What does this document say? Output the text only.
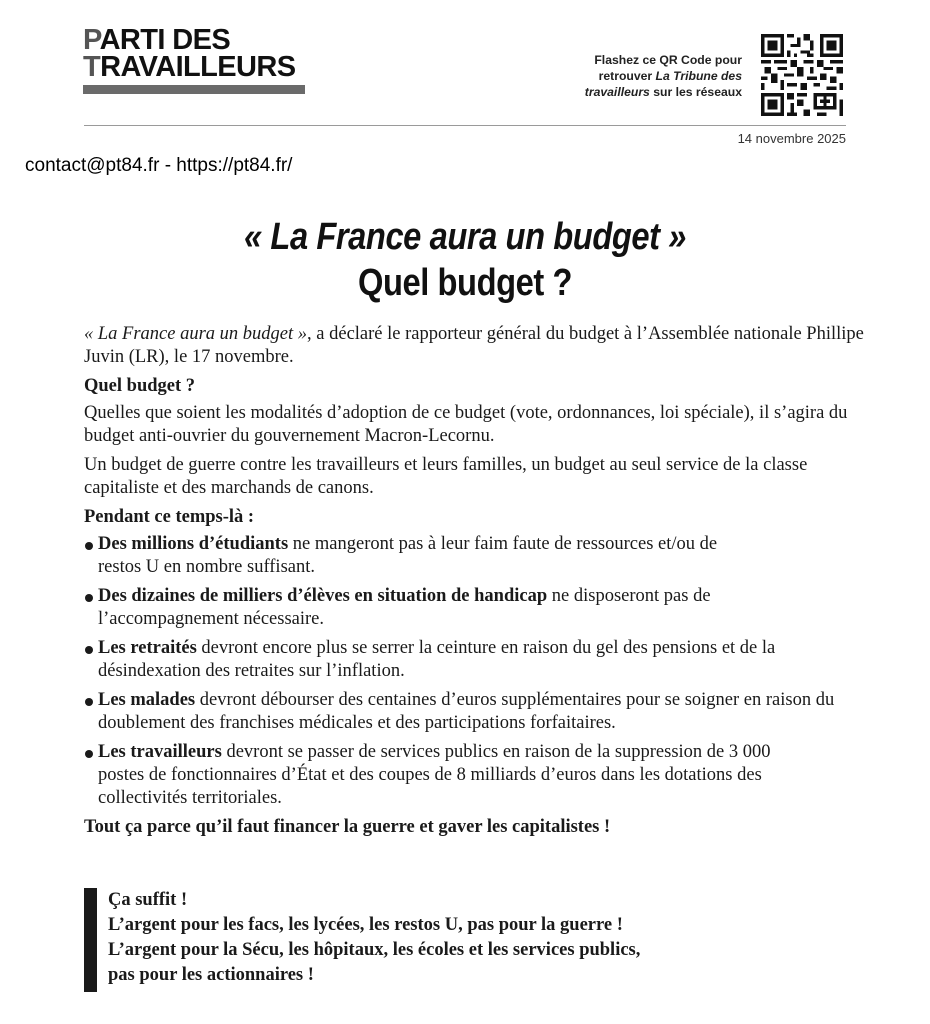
PARTI DES
TRAVAILLEURS	Flashez ce QR Code pour
retrouver La Tribune des
travailleurs sur les réseaux
14 novembre 2025
contact@pt84.fr - https://pt84.fr/
« La France aura un budget »
Quel budget ?

« La France aura un budget », a déclaré le rapporteur général du budget à l’Assemblée nationale Phillipe Juvin (LR), le 17 novembre.

Quel budget ?

Quelles que soient les modalités d’adoption de ce budget (vote, ordonnances, loi spéciale), il s’agira du budget anti-ouvrier du gouvernement Macron-Lecornu.

Un budget de guerre contre les travailleurs et leurs familles, un budget au seul service de la classe capitaliste et des marchands de canons.

Pendant ce temps-là :

Des millions d’étudiants ne mangeront pas à leur faim faute de ressources et/ou de restos U en nombre suffisant.
Des dizaines de milliers d’élèves en situation de handicap ne disposeront pas de l’accompagnement nécessaire.
Les retraités devront encore plus se serrer la ceinture en raison du gel des pensions et de la désindexation des retraites sur l’inflation.
Les malades devront débourser des centaines d’euros supplémentaires pour se soigner en raison du doublement des franchises médicales et des participations forfaitaires.
Les travailleurs devront se passer de services publics en raison de la suppression de 3 000 postes de fonctionnaires d’État et des coupes de 8 milliards d’euros dans les dotations des collectivités territoriales.

Tout ça parce qu’il faut financer la guerre et gaver les capitalistes !

Ça suffit !
L’argent pour les facs, les lycées, les restos U, pas pour la guerre !
L’argent pour la Sécu, les hôpitaux, les écoles et les services publics,
pas pour les actionnaires !
